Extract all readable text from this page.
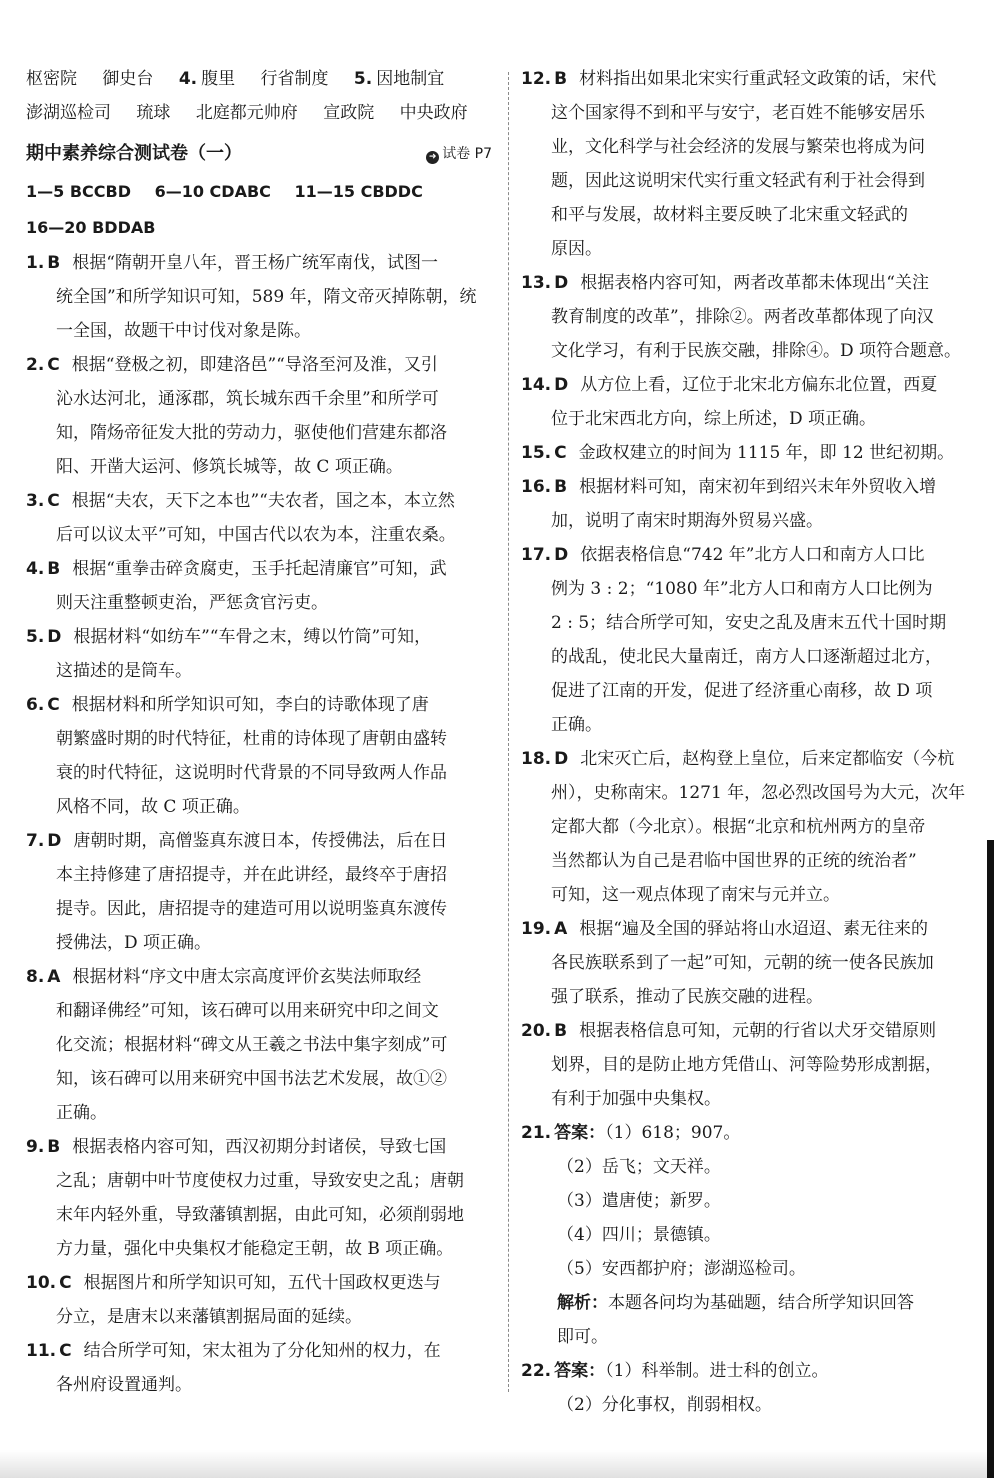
枢密院 御史台 4. 腹里 行省制度 5. 因地制宜
澎湖巡检司 琉球 北庭都元帅府 宣政院 中央政府
期中素养综合测试卷（一）	➜ 试卷 P7
1—5 BCCBD 6—10 CDABC 11—15 CBDDC
16—20 BDDAB
1. B 根据“隋朝开皇八年，晋王杨广统军南伐，试图一
统全国”和所学知识可知，589 年，隋文帝灭掉陈朝，统
一全国，故题干中讨伐对象是陈。
2. C 根据“登极之初，即建洛邑”“导洛至河及淮，又引
沁水达河北，通涿郡，筑长城东西千余里”和所学可
知，隋炀帝征发大批的劳动力，驱使他们营建东都洛
阳、开凿大运河、修筑长城等，故 C 项正确。
3. C 根据“夫农，天下之本也”“夫农者，国之本，本立然
后可以议太平”可知，中国古代以农为本，注重农桑。
4. B 根据“重拳击碎贪腐吏，玉手托起清廉官”可知，武
则天注重整顿吏治，严惩贪官污吏。
5. D 根据材料“如纺车”“车骨之末，缚以竹筒”可知，
这描述的是筒车。
6. C 根据材料和所学知识可知，李白的诗歌体现了唐
朝繁盛时期的时代特征，杜甫的诗体现了唐朝由盛转
衰的时代特征，这说明时代背景的不同导致两人作品
风格不同，故 C 项正确。
7. D 唐朝时期，高僧鉴真东渡日本，传授佛法，后在日
本主持修建了唐招提寺，并在此讲经，最终卒于唐招
提寺。因此，唐招提寺的建造可用以说明鉴真东渡传
授佛法，D 项正确。
8. A 根据材料“序文中唐太宗高度评价玄奘法师取经
和翻译佛经”可知，该石碑可以用来研究中印之间文
化交流；根据材料“碑文从王羲之书法中集字刻成”可
知，该石碑可以用来研究中国书法艺术发展，故①②
正确。
9. B 根据表格内容可知，西汉初期分封诸侯，导致七国
之乱；唐朝中叶节度使权力过重，导致安史之乱；唐朝
末年内轻外重，导致藩镇割据，由此可知，必须削弱地
方力量，强化中央集权才能稳定王朝，故 B 项正确。
10. C 根据图片和所学知识可知，五代十国政权更迭与
分立，是唐末以来藩镇割据局面的延续。
11. C 结合所学可知，宋太祖为了分化知州的权力，在
各州府设置通判。
12. B 材料指出如果北宋实行重武轻文政策的话，宋代
这个国家得不到和平与安宁，老百姓不能够安居乐
业，文化科学与社会经济的发展与繁荣也将成为问
题，因此这说明宋代实行重文轻武有利于社会得到
和平与发展，故材料主要反映了北宋重文轻武的
原因。
13. D 根据表格内容可知，两者改革都未体现出“关注
教育制度的改革”，排除②。两者改革都体现了向汉
文化学习，有利于民族交融，排除④。D 项符合题意。
14. D 从方位上看，辽位于北宋北方偏东北位置，西夏
位于北宋西北方向，综上所述，D 项正确。
15. C 金政权建立的时间为 1115 年，即 12 世纪初期。
16. B 根据材料可知，南宋初年到绍兴末年外贸收入增
加，说明了南宋时期海外贸易兴盛。
17. D 依据表格信息“742 年”北方人口和南方人口比
例为 3 : 2；“1080 年”北方人口和南方人口比例为
2 : 5；结合所学可知，安史之乱及唐末五代十国时期
的战乱，使北民大量南迁，南方人口逐渐超过北方，
促进了江南的开发，促进了经济重心南移，故 D 项
正确。
18. D 北宋灭亡后，赵构登上皇位，后来定都临安（今杭
州），史称南宋。1271 年，忽必烈改国号为大元，次年
定都大都（今北京）。根据“北京和杭州两方的皇帝
当然都认为自己是君临中国世界的正统的统治者”
可知，这一观点体现了南宋与元并立。
19. A 根据“遍及全国的驿站将山水迢迢、素无往来的
各民族联系到了一起”可知，元朝的统一使各民族加
强了联系，推动了民族交融的进程。
20. B 根据表格信息可知，元朝的行省以犬牙交错原则
划界，目的是防止地方凭借山、河等险势形成割据，
有利于加强中央集权。
21. 答案：（1）618；907。
（2）岳飞；文天祥。
（3）遣唐使；新罗。
（4）四川；景德镇。
（5）安西都护府；澎湖巡检司。
解析：本题各问均为基础题，结合所学知识回答
即可。
22. 答案：（1）科举制。进士科的创立。
（2）分化事权，削弱相权。
